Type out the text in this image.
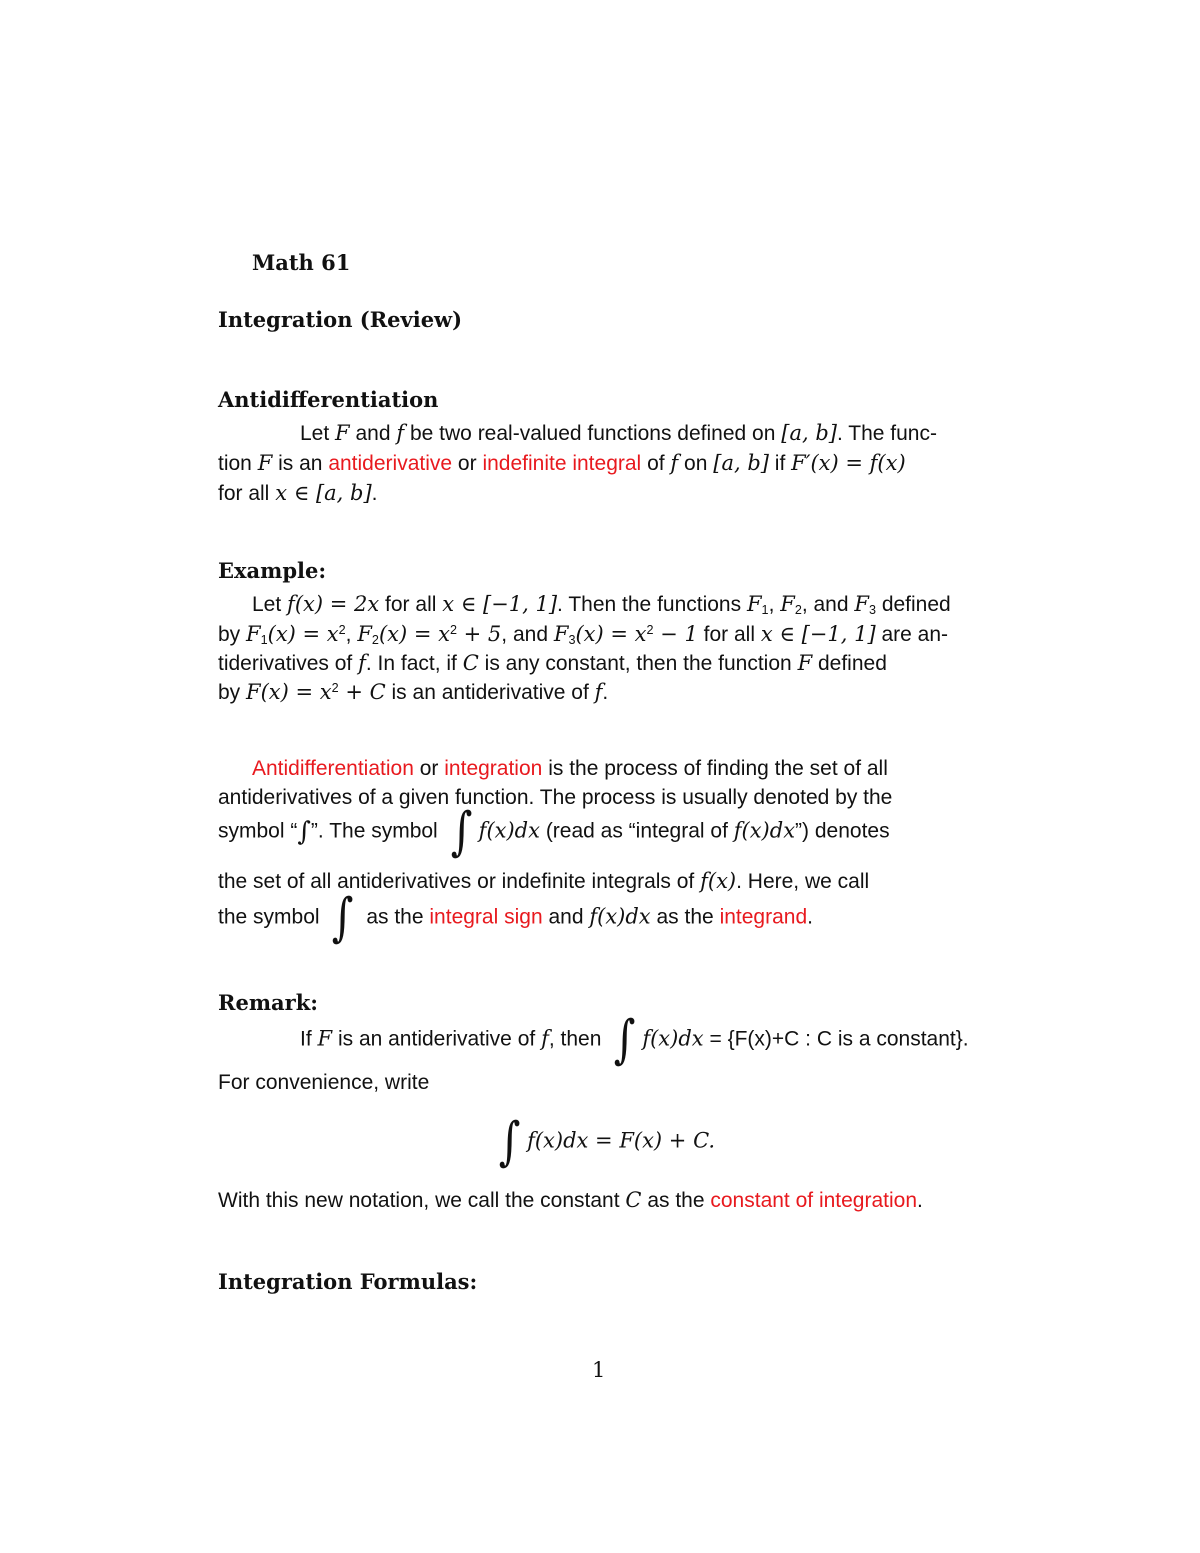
Math 61
Integration (Review)
Antidifferentiation
Let F and f be two real-valued functions defined on [a, b]. The func-
tion F is an antiderivative or indefinite integral of f on [a, b] if F′(x) = f(x)
for all x ∈ [a, b].
Example:
Let f(x) = 2x for all x ∈ [−1, 1]. Then the functions $F_1$, $F_2$, and $F_3$ defined
by $F_1(x) = x^2$, $F_2(x) = x^2 + 5$, and $F_3(x) = x^2 - 1$ for all x ∈ [−1, 1] are an-
tiderivatives of f. In fact, if C is any constant, then the function F defined
by $F(x) = x^2 + C$ is an antiderivative of f.
Antidifferentiation or integration is the process of finding the set of all
antiderivatives of a given function. The process is usually denoted by the
symbol “∫”. The symbol ∫ f(x)dx (read as “integral of f(x)dx”) denotes
the set of all antiderivatives or indefinite integrals of f(x). Here, we call
the symbol ∫ as the integral sign and f(x)dx as the integrand.
Remark:
If F is an antiderivative of f, then ∫ f(x)dx = {F(x)+C : C is a constant}.
For convenience, write
∫ f(x)dx = F(x) + C.
With this new notation, we call the constant C as the constant of integration.
Integration Formulas:
1
